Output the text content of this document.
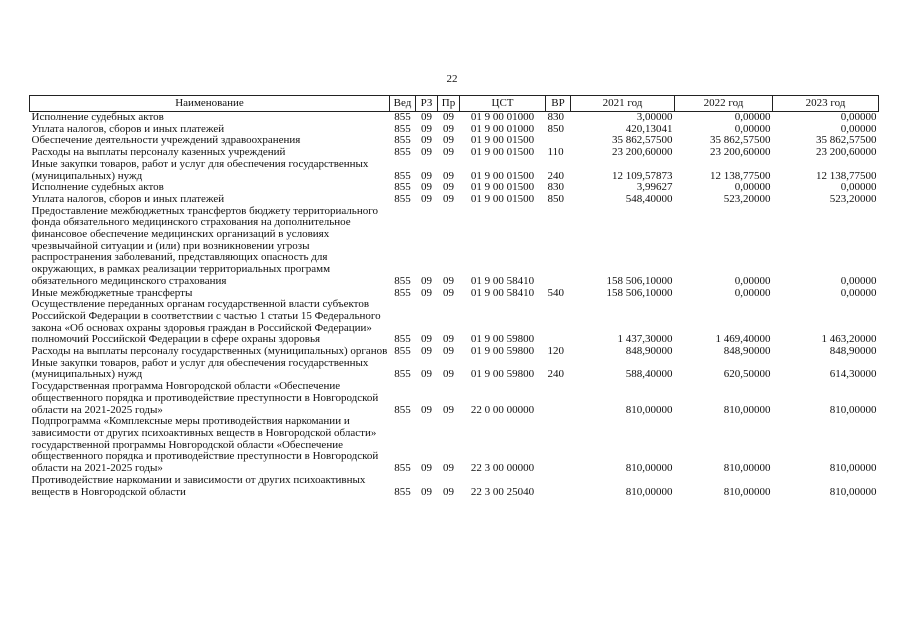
22
Наименование	Вед	РЗ	Пр	ЦСТ	ВР	2021 год	2022 год	2023 год
Исполнение судебных актов	855	09	09	01 9 00 01000	830	3,00000	0,00000	0,00000
Уплата налогов, сборов и иных платежей	855	09	09	01 9 00 01000	850	420,13041	0,00000	0,00000
Обеспечение деятельности учреждений здравоохранения	855	09	09	01 9 00 01500		35 862,57500	35 862,57500	35 862,57500
Расходы на выплаты персоналу казенных учреждений	855	09	09	01 9 00 01500	110	23 200,60000	23 200,60000	23 200,60000
Иные закупки товаров, работ и услуг для обеспечения государственных (муниципальных) нужд	855	09	09	01 9 00 01500	240	12 109,57873	12 138,77500	12 138,77500
Исполнение судебных актов	855	09	09	01 9 00 01500	830	3,99627	0,00000	0,00000
Уплата налогов, сборов и иных платежей	855	09	09	01 9 00 01500	850	548,40000	523,20000	523,20000
Предоставление межбюджетных трансфертов бюджету территориального фонда обязательного медицинского страхования на дополнительное финансовое обеспечение медицинских организаций в условиях чрезвычайной ситуации и (или) при возникновении угрозы распространения заболеваний, представляющих опасность для окружающих, в рамках реализации территориальных программ обязательного медицинского страхования	855	09	09	01 9 00 58410		158 506,10000	0,00000	0,00000
Иные межбюджетные трансферты	855	09	09	01 9 00 58410	540	158 506,10000	0,00000	0,00000
Осуществление переданных органам государственной власти субъектов Российской Федерации в соответствии с частью 1 статьи 15 Федерального закона «Об основах охраны здоровья граждан в Российской Федерации» полномочий Российской Федерации в сфере охраны здоровья	855	09	09	01 9 00 59800		1 437,30000	1 469,40000	1 463,20000
Расходы на выплаты персоналу государственных (муниципальных) органов	855	09	09	01 9 00 59800	120	848,90000	848,90000	848,90000
Иные закупки товаров, работ и услуг для обеспечения государственных (муниципальных) нужд	855	09	09	01 9 00 59800	240	588,40000	620,50000	614,30000
Государственная программа Новгородской области «Обеспечение общественного порядка и противодействие преступности в Новгородской области на 2021-2025 годы»	855	09	09	22 0 00 00000		810,00000	810,00000	810,00000
Подпрограмма «Комплексные меры противодействия наркомании и зависимости от других психоактивных веществ в Новгородской области» государственной программы Новгородской области «Обеспечение общественного порядка и противодействие преступности в Новгородской области на 2021-2025 годы»	855	09	09	22 3 00 00000		810,00000	810,00000	810,00000
Противодействие наркомании и зависимости от других психоактивных веществ в Новгородской области	855	09	09	22 3 00 25040		810,00000	810,00000	810,00000
